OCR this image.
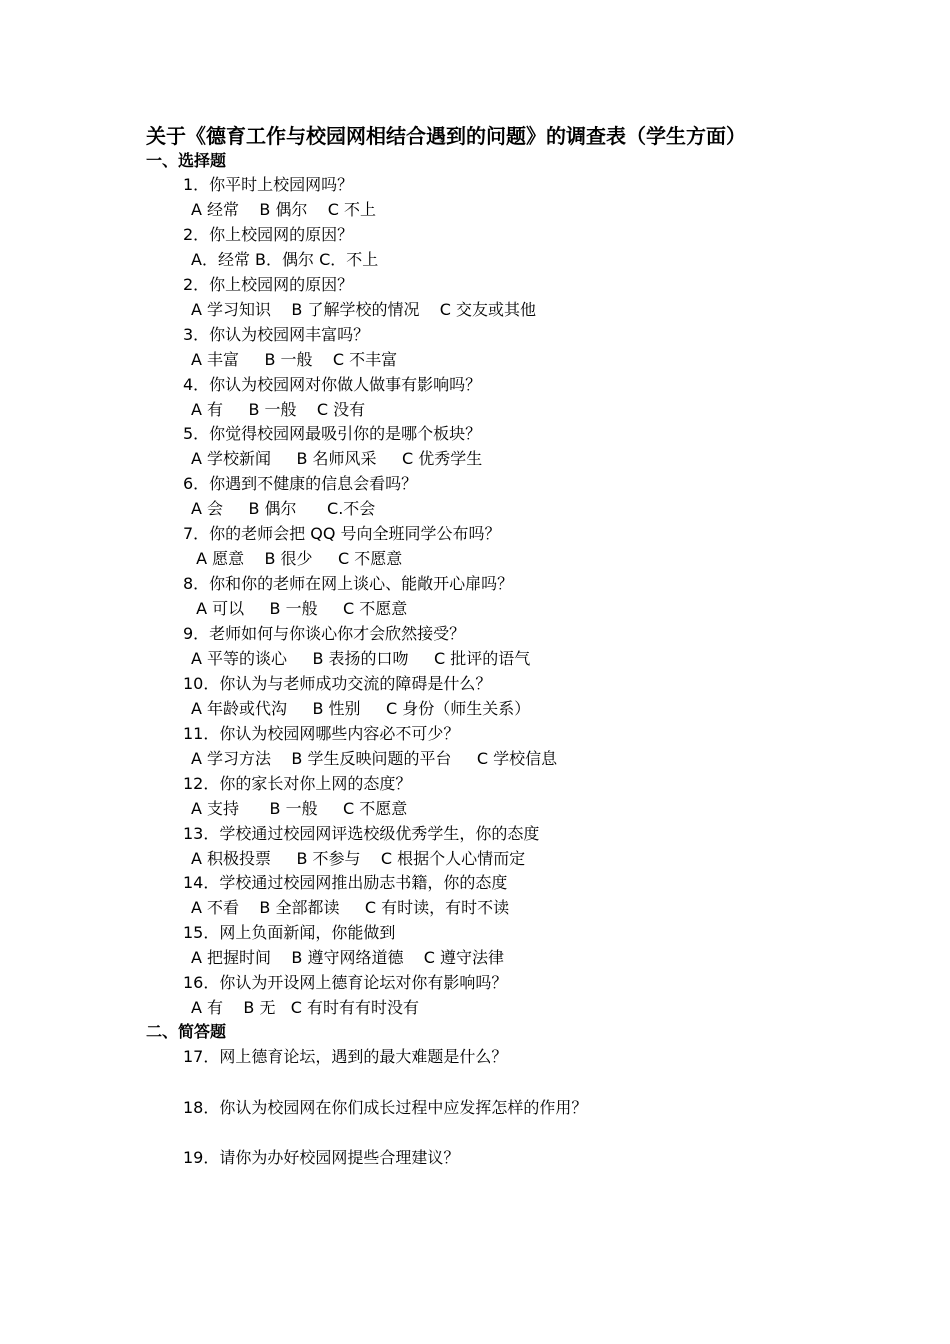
关于《德育工作与校园网相结合遇到的问题》的调查表（学生方面）
一、选择题
1．你平时上校园网吗？
A 经常    B 偶尔    C 不上
2．你上校园网的原因？
A．经常 B．偶尔 C．不上
2．你上校园网的原因？
A 学习知识    B 了解学校的情况    C 交友或其他
3．你认为校园网丰富吗？
A 丰富     B 一般    C 不丰富
4．你认为校园网对你做人做事有影响吗？
A 有     B 一般    C 没有
5．你觉得校园网最吸引你的是哪个板块？
A 学校新闻     B 名师风采     C 优秀学生
6．你遇到不健康的信息会看吗？
A 会     B 偶尔      C.不会
7．你的老师会把 QQ 号向全班同学公布吗？
A 愿意    B 很少     C 不愿意
8．你和你的老师在网上谈心、能敞开心扉吗？
A 可以     B 一般     C 不愿意
9．老师如何与你谈心你才会欣然接受？
A 平等的谈心     B 表扬的口吻     C 批评的语气
10．你认为与老师成功交流的障碍是什么？
A 年龄或代沟     B 性别     C 身份（师生关系）
11．你认为校园网哪些内容必不可少？
A 学习方法    B 学生反映问题的平台     C 学校信息
12．你的家长对你上网的态度？
A 支持      B 一般     C 不愿意
13．学校通过校园网评选校级优秀学生，你的态度
A 积极投票     B 不参与    C 根据个人心情而定
14．学校通过校园网推出励志书籍，你的态度
A 不看    B 全部都读     C 有时读，有时不读
15．网上负面新闻，你能做到
A 把握时间    B 遵守网络道德    C 遵守法律
16．你认为开设网上德育论坛对你有影响吗？
A 有    B 无   C 有时有有时没有
二、简答题
17．网上德育论坛，遇到的最大难题是什么？
18．你认为校园网在你们成长过程中应发挥怎样的作用？
19．请你为办好校园网提些合理建议？
